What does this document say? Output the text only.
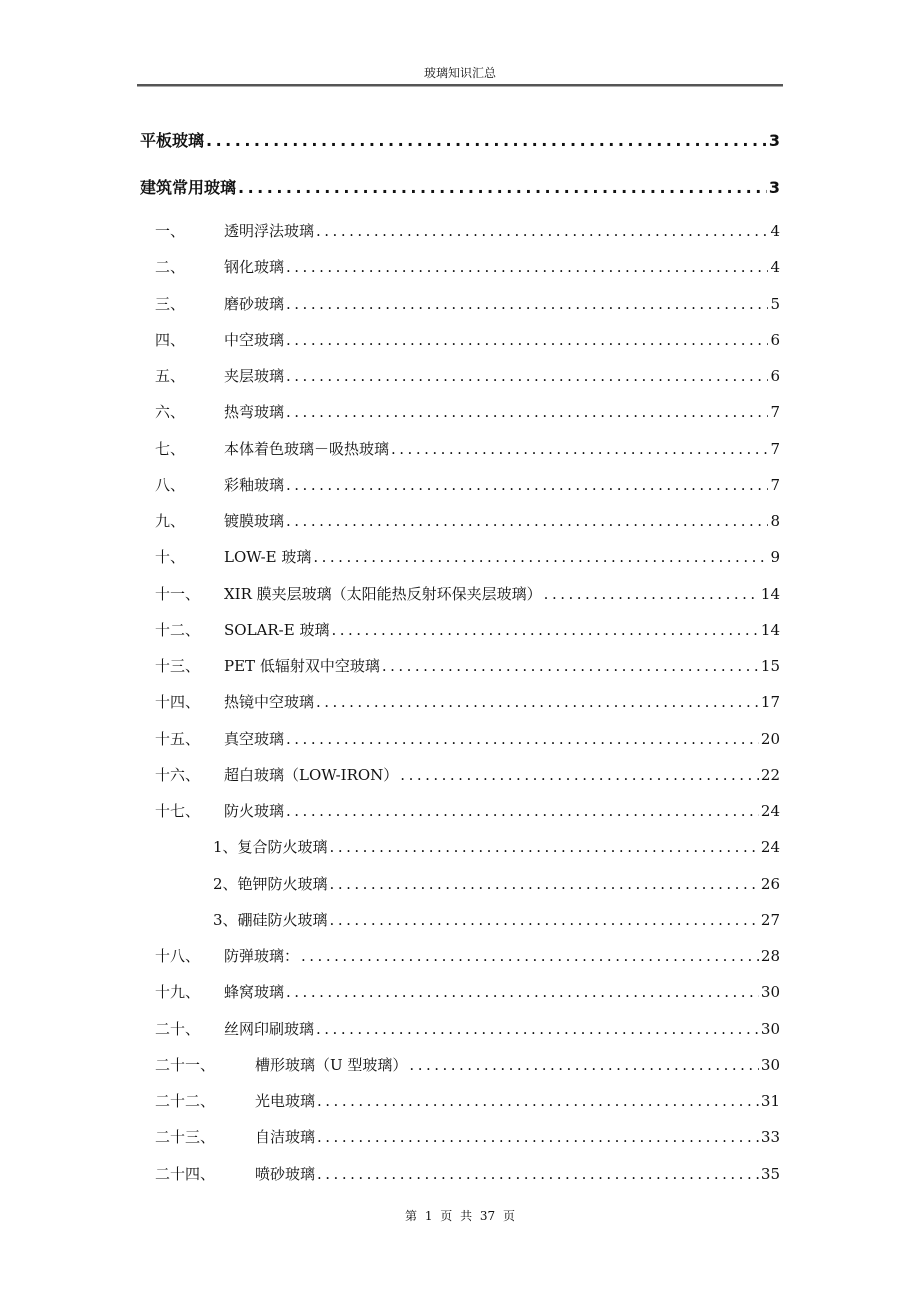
玻璃知识汇总
平板玻璃 .....	3
建筑常用玻璃 .....	3
一、	透明浮法玻璃 .....	4
二、	钢化玻璃 .....	4
三、	磨砂玻璃 .....	5
四、	中空玻璃 .....	6
五、	夹层玻璃 .....	6
六、	热弯玻璃 .....	7
七、	本体着色玻璃－吸热玻璃 .....	7
八、	彩釉玻璃 .....	7
九、	镀膜玻璃 .....	8
十、	LOW-E 玻璃 .....	9
十一、	XIR 膜夹层玻璃（太阳能热反射环保夹层玻璃） .....	14
十二、	SOLAR-E 玻璃 .....	14
十三、	PET 低辐射双中空玻璃 .....	15
十四、	热镜中空玻璃 .....	17
十五、	真空玻璃 .....	20
十六、	超白玻璃（LOW-IRON） .....	22
十七、	防火玻璃 .....	24
1、复合防火玻璃 .....	24
2、铯钾防火玻璃 .....	26
3、硼硅防火玻璃 .....	27
十八、	防弹玻璃： .....	28
十九、	蜂窝玻璃 .....	30
二十、	丝网印刷玻璃 .....	30
二十一、	槽形玻璃（U 型玻璃） .....	30
二十二、	光电玻璃 .....	31
二十三、	自洁玻璃 .....	33
二十四、	喷砂玻璃 .....	35
第 1 页 共 37 页
